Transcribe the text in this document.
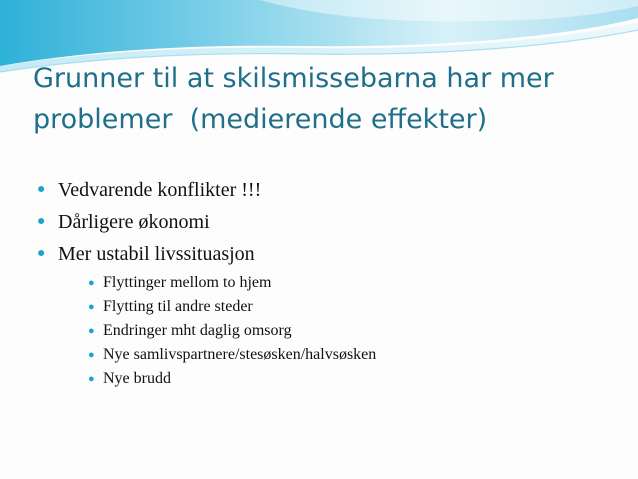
Grunner til at skilsmissebarna har mer
problemer  (medierende effekter)
● Vedvarende konflikter !!!
● Dårligere økonomi
● Mer ustabil livssituasjon
● Flyttinger mellom to hjem
● Flytting til andre steder
● Endringer mht daglig omsorg
● Nye samlivspartnere/stesøsken/halvsøsken
● Nye brudd
